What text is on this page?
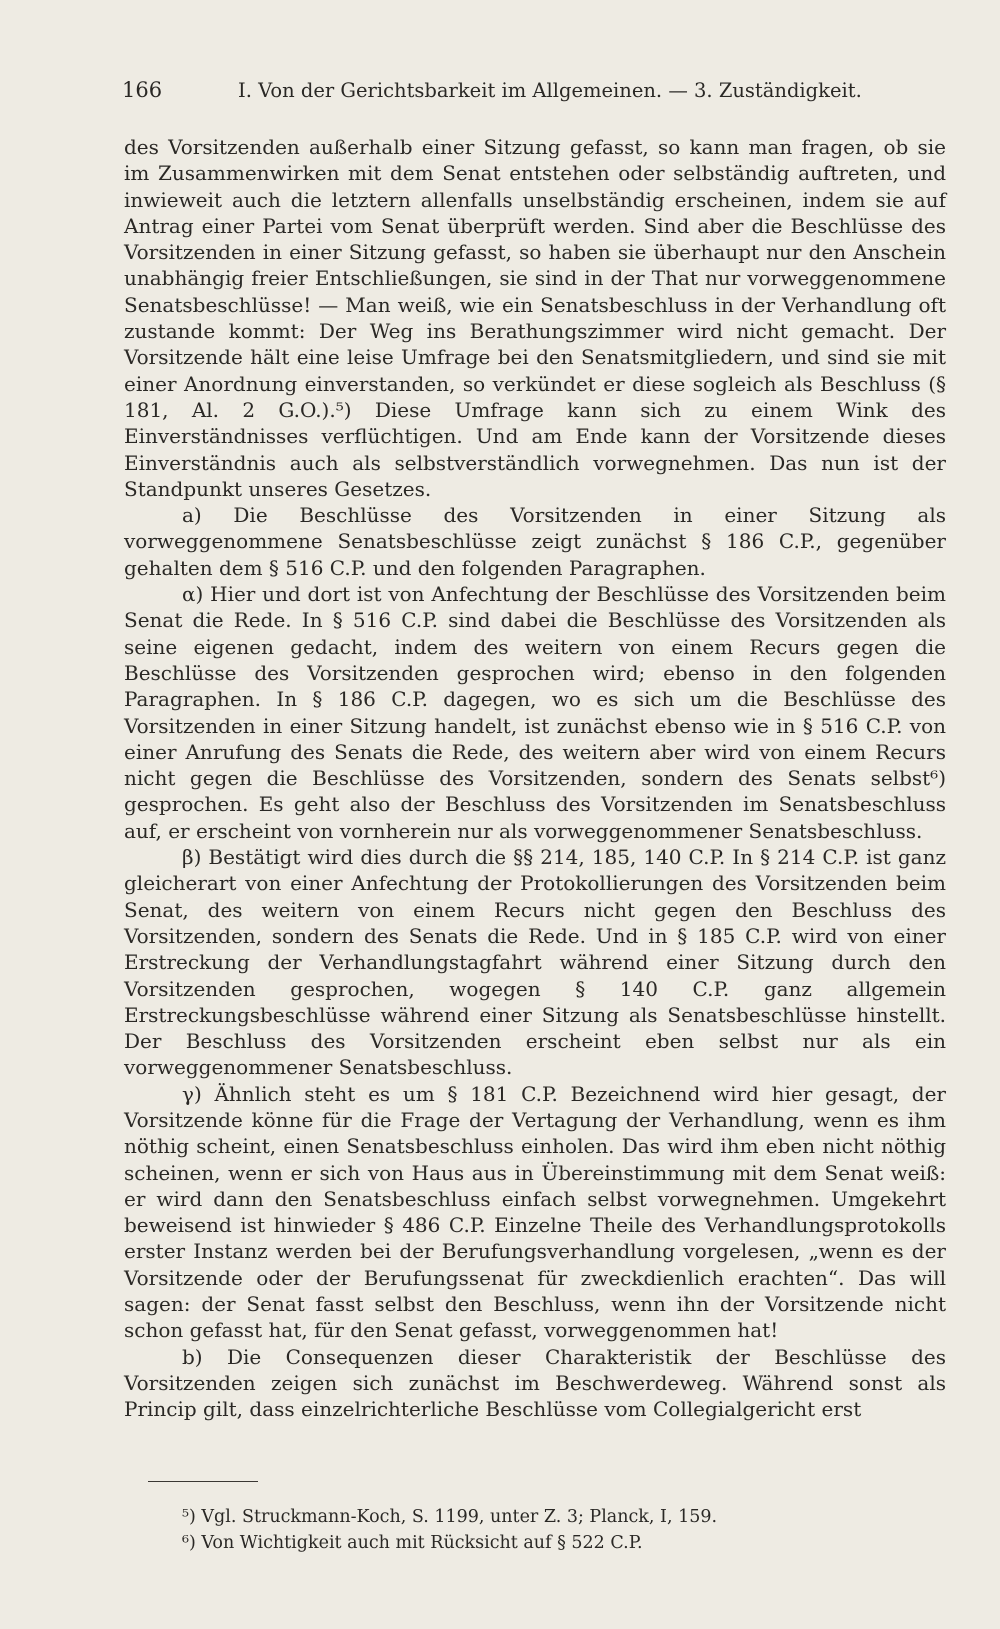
166	I. Von der Gerichtsbarkeit im Allgemeinen. — 3. Zuständigkeit.

des Vorsitzenden außerhalb einer Sitzung gefasst, so kann man fragen, ob sie im Zusammenwirken mit dem Senat entstehen oder selbständig auftreten, und inwieweit auch die letztern allenfalls unselbständig erscheinen, indem sie auf Antrag einer Partei vom Senat überprüft werden. Sind aber die Beschlüsse des Vorsitzenden in einer Sitzung gefasst, so haben sie überhaupt nur den Anschein unabhängig freier Entschließungen, sie sind in der That nur vorweggenommene Senatsbeschlüsse! — Man weiß, wie ein Senatsbeschluss in der Verhandlung oft zustande kommt: Der Weg ins Berathungszimmer wird nicht gemacht. Der Vorsitzende hält eine leise Umfrage bei den Senatsmitgliedern, und sind sie mit einer Anordnung einverstanden, so verkündet er diese sogleich als Beschluss (§ 181, Al. 2 G.O.).⁵) Diese Umfrage kann sich zu einem Wink des Einverständnisses verflüchtigen. Und am Ende kann der Vorsitzende dieses Einverständnis auch als selbstverständlich vorwegnehmen. Das nun ist der Standpunkt unseres Gesetzes.

a) Die Beschlüsse des Vorsitzenden in einer Sitzung als vorweggenommene Senatsbeschlüsse zeigt zunächst § 186 C.P., gegenüber gehalten dem § 516 C.P. und den folgenden Paragraphen.

α) Hier und dort ist von Anfechtung der Beschlüsse des Vorsitzenden beim Senat die Rede. In § 516 C.P. sind dabei die Beschlüsse des Vorsitzenden als seine eigenen gedacht, indem des weitern von einem Recurs gegen die Beschlüsse des Vorsitzenden gesprochen wird; ebenso in den folgenden Paragraphen. In § 186 C.P. dagegen, wo es sich um die Beschlüsse des Vorsitzenden in einer Sitzung handelt, ist zunächst ebenso wie in § 516 C.P. von einer Anrufung des Senats die Rede, des weitern aber wird von einem Recurs nicht gegen die Beschlüsse des Vorsitzenden, sondern des Senats selbst⁶) gesprochen. Es geht also der Beschluss des Vorsitzenden im Senatsbeschluss auf, er erscheint von vornherein nur als vorweggenommener Senatsbeschluss.

β) Bestätigt wird dies durch die §§ 214, 185, 140 C.P. In § 214 C.P. ist ganz gleicherart von einer Anfechtung der Protokollierungen des Vorsitzenden beim Senat, des weitern von einem Recurs nicht gegen den Beschluss des Vorsitzenden, sondern des Senats die Rede. Und in § 185 C.P. wird von einer Erstreckung der Verhandlungstagfahrt während einer Sitzung durch den Vorsitzenden gesprochen, wogegen § 140 C.P. ganz allgemein Erstreckungsbeschlüsse während einer Sitzung als Senatsbeschlüsse hinstellt. Der Beschluss des Vorsitzenden erscheint eben selbst nur als ein vorweggenommener Senatsbeschluss.

γ) Ähnlich steht es um § 181 C.P. Bezeichnend wird hier gesagt, der Vorsitzende könne für die Frage der Vertagung der Verhandlung, wenn es ihm nöthig scheint, einen Senatsbeschluss einholen. Das wird ihm eben nicht nöthig scheinen, wenn er sich von Haus aus in Übereinstimmung mit dem Senat weiß: er wird dann den Senatsbeschluss einfach selbst vorwegnehmen. Umgekehrt beweisend ist hinwieder § 486 C.P. Einzelne Theile des Verhandlungsprotokolls erster Instanz werden bei der Berufungsverhandlung vorgelesen, „wenn es der Vorsitzende oder der Berufungssenat für zweckdienlich erachten“. Das will sagen: der Senat fasst selbst den Beschluss, wenn ihn der Vorsitzende nicht schon gefasst hat, für den Senat gefasst, vorweggenommen hat!

b) Die Consequenzen dieser Charakteristik der Beschlüsse des Vorsitzenden zeigen sich zunächst im Beschwerdeweg. Während sonst als Princip gilt, dass einzelrichterliche Beschlüsse vom Collegialgericht erst

⁵) Vgl. Struckmann-Koch, S. 1199, unter Z. 3; Planck, I, 159.
⁶) Von Wichtigkeit auch mit Rücksicht auf § 522 C.P.
